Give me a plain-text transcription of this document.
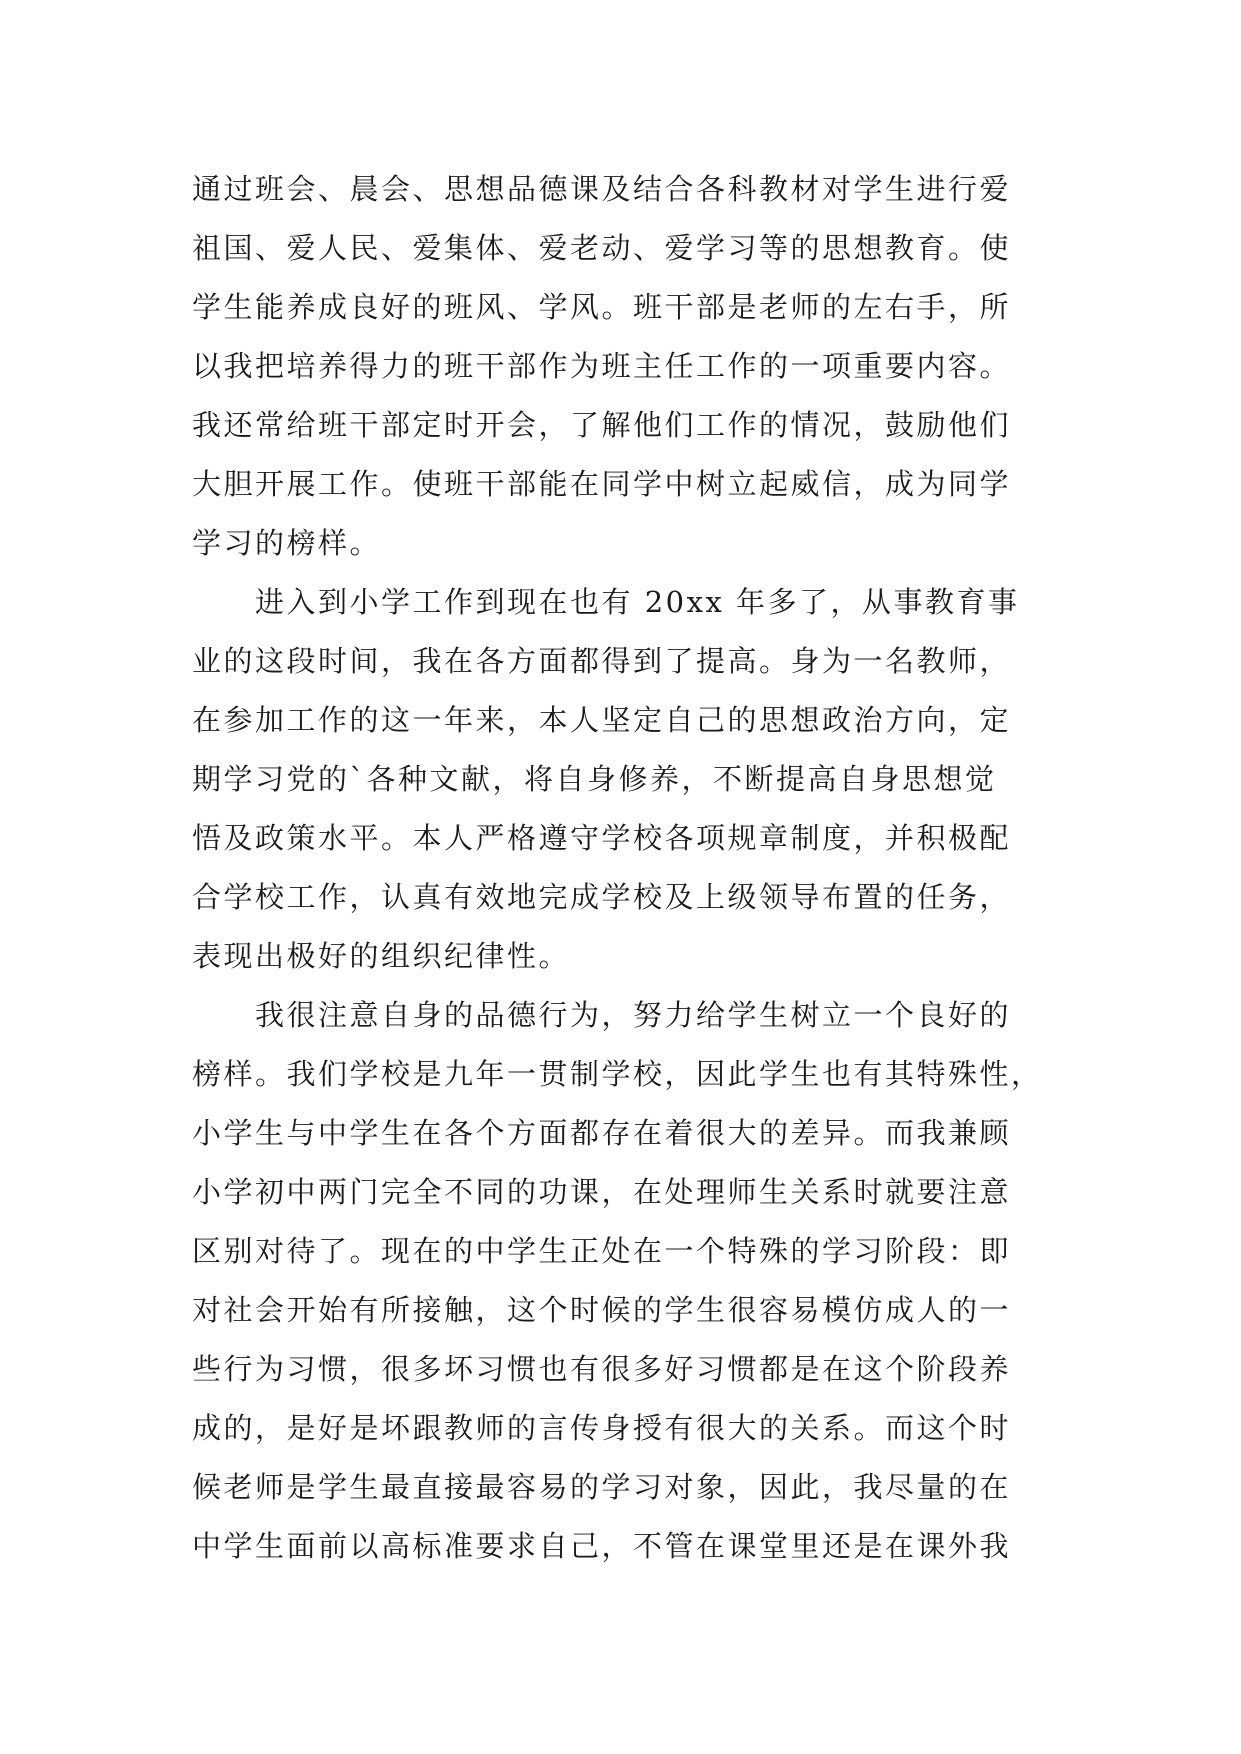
通过班会、晨会、思想品德课及结合各科教材对学生进行爱
祖国、爱人民、爱集体、爱老动、爱学习等的思想教育。使
学生能养成良好的班风、学风。班干部是老师的左右手，所
以我把培养得力的班干部作为班主任工作的一项重要内容。
我还常给班干部定时开会，了解他们工作的情况，鼓励他们
大胆开展工作。使班干部能在同学中树立起威信，成为同学
学习的榜样。
　　进入到小学工作到现在也有 20xx 年多了，从事教育事
业的这段时间，我在各方面都得到了提高。身为一名教师，
在参加工作的这一年来，本人坚定自己的思想政治方向，定
期学习党的`各种文献，将自身修养，不断提高自身思想觉
悟及政策水平。本人严格遵守学校各项规章制度，并积极配
合学校工作，认真有效地完成学校及上级领导布置的任务，
表现出极好的组织纪律性。
　　我很注意自身的品德行为，努力给学生树立一个良好的
榜样。我们学校是九年一贯制学校，因此学生也有其特殊性，
小学生与中学生在各个方面都存在着很大的差异。而我兼顾
小学初中两门完全不同的功课，在处理师生关系时就要注意
区别对待了。现在的中学生正处在一个特殊的学习阶段：即
对社会开始有所接触，这个时候的学生很容易模仿成人的一
些行为习惯，很多坏习惯也有很多好习惯都是在这个阶段养
成的，是好是坏跟教师的言传身授有很大的关系。而这个时
候老师是学生最直接最容易的学习对象，因此，我尽量的在
中学生面前以高标准要求自己，不管在课堂里还是在课外我
